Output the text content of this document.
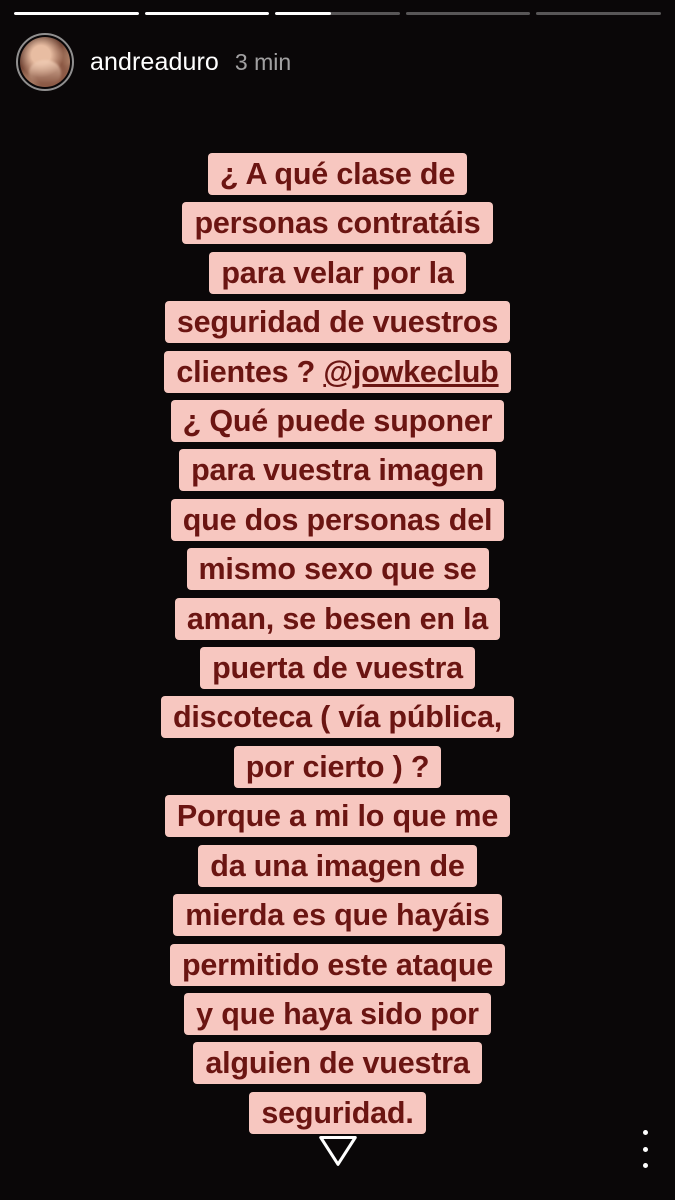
andreaduro 3 min
¿ A qué clase de
personas contratáis
para velar por la
seguridad de vuestros
clientes ? @jowkeclub
¿ Qué puede suponer
para vuestra imagen
que dos personas del
mismo sexo que se
aman, se besen en la
puerta de vuestra
discoteca ( vía pública,
por cierto ) ?
Porque a mi lo que me
da una imagen de
mierda es que hayáis
permitido este ataque
y que haya sido por
alguien de vuestra
seguridad.
